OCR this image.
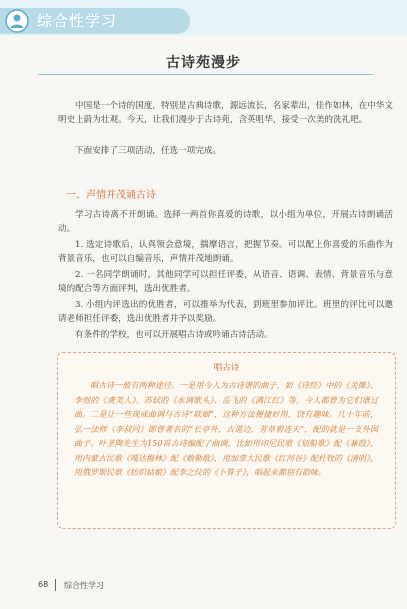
综合性学习
古诗苑漫步

中国是一个诗的国度，特别是古典诗歌，源远流长，名家辈出，佳作如林，在中华文明史上蔚为壮观。今天，让我们漫步于古诗苑，含英咀华，接受一次美的洗礼吧。

下面安排了三项活动，任选一项完成。

一、声情并茂诵古诗

学习古诗离不开朗诵。选择一两首你喜爱的诗歌，以小组为单位，开展古诗朗诵活动。

1. 选定诗歌后，认真领会意境，揣摩语言，把握节奏。可以配上你喜爱的乐曲作为背景音乐，也可以自编音乐，声情并茂地朗诵。

2. 一名同学朗诵时，其他同学可以担任评委，从语音、语调、表情、背景音乐与意境的配合等方面评判，选出优胜者。

3. 小组内评选出的优胜者，可以推举为代表，到班里参加评比。班里的评比可以邀请老师担任评委，选出优胜者并予以奖励。

有条件的学校，也可以开展唱古诗或吟诵古诗活动。

唱古诗

唱古诗一般有两种途径。一是用今人为古诗谱的曲子，如《诗经》中的《关雎》、李煜的《虞美人》、苏轼的《水调歌头》、岳飞的《满江红》等，今人都曾为它们谱过曲。二是让一些现成曲调与古诗“联姻”，这种方法便捷好用，饶有趣味。几十年前，弘一法师（李叔同）即曾著名的“长亭外，古道边，芳草碧连天”，配的就是一支外国曲子。叶圣陶先生为150首古诗编配了曲调，比如用印尼民歌《划船歌》配《蒹葭》，用内蒙古民歌《嘎达梅林》配《敕勒歌》，用加拿大民歌《红河谷》配杜牧的《清明》，用俄罗斯民歌《纺织姑娘》配李之仪的《卜算子》，唱起来都别有韵味。

68 综合性学习
